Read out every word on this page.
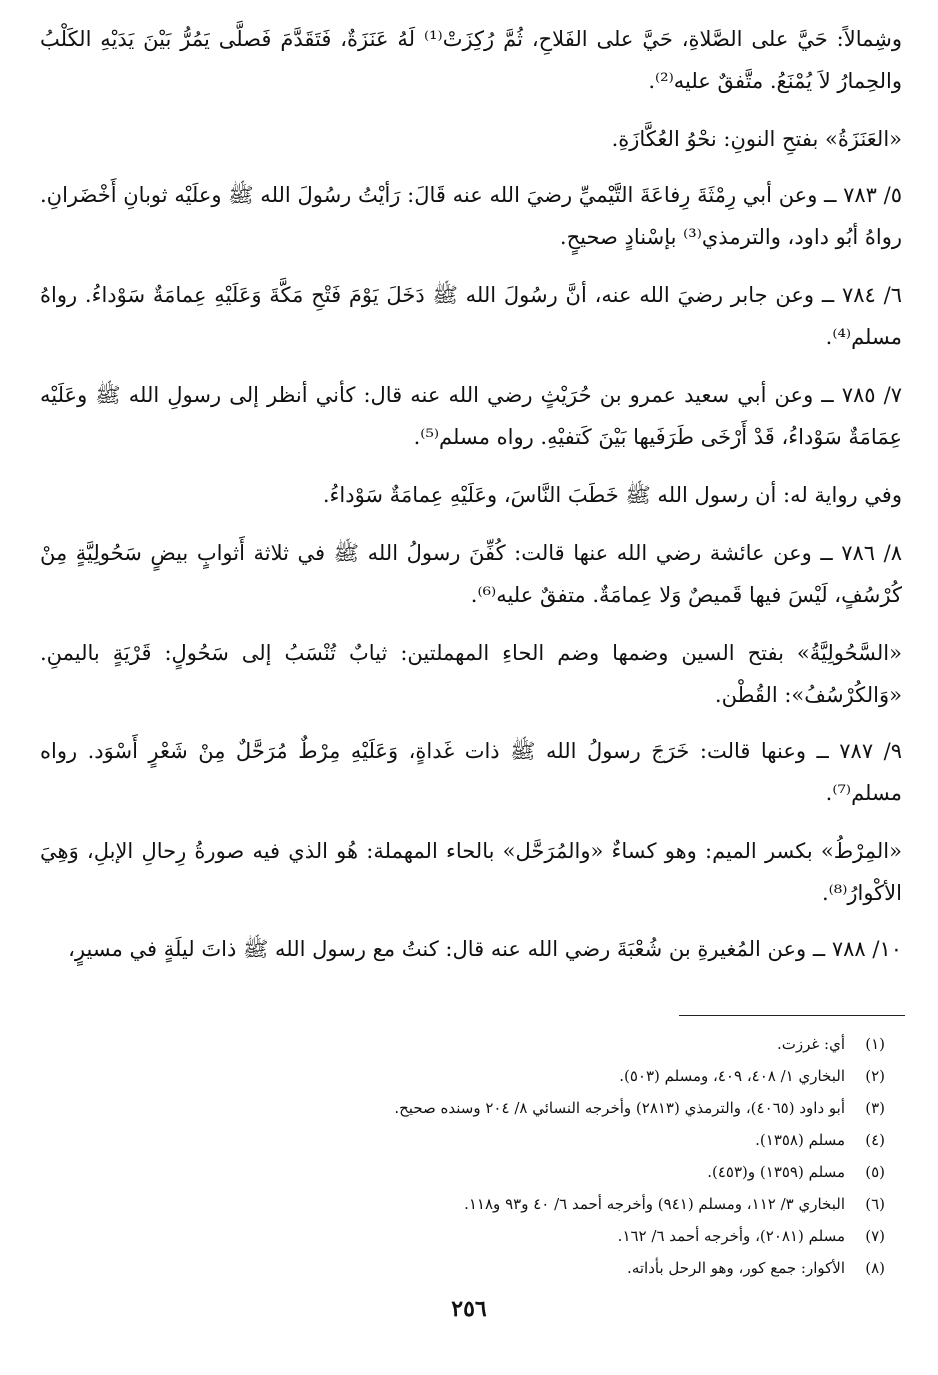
وشِمالاً: حَيَّ على الصَّلاةِ، حَيَّ على الفَلاحِ، ثُمَّ رُكِزَتْ⁽¹⁾ لَهُ عَنَزَةٌ، فَتَقَدَّمَ فَصلَّى يَمُرُّ بَيْنَ يَدَيْهِ الكَلْبُ والحِمارُ لاَ يُمْنَعُ. متَّفقٌ عليه⁽²⁾.

«العَنَزَةُ» بفتحِ النونِ: نحْوُ العُكَّازَةِ.

٥/ ٧٨٣ ــ وعن أبي رِمْثَةَ رِفاعَةَ التَّيْميِّ رضيَ الله عنه قَالَ: رَأيْتُ رسُولَ الله ﷺ وعلَيْه ثوبانِ أَخْضَرانِ. رواهُ أبُو داود، والترمذي⁽³⁾ بإسْنادٍ صحيحٍ.

٦/ ٧٨٤ ــ وعن جابر رضيَ الله عنه، أنَّ رسُولَ الله ﷺ دَخَلَ يَوْمَ فَتْحِ مَكَّةَ وَعَلَيْهِ عِمامَةٌ سَوْداءُ. رواهُ مسلم⁽⁴⁾.

٧/ ٧٨٥ ــ وعن أبي سعيد عمرو بن حُرَيْثٍ رضي الله عنه قال: كأني أنظر إلى رسولِ الله ﷺ وعَلَيْه عِمَامَةٌ سَوْداءُ، قَدْ أَرْخَى طَرَفَيها بَيْنَ كَتفيْهِ. رواه مسلم⁽⁵⁾.

وفي رواية له: أن رسول الله ﷺ خَطَبَ النَّاسَ، وعَلَيْهِ عِمامَةٌ سَوْداءُ.

٨/ ٧٨٦ ــ وعن عائشة رضي الله عنها قالت: كُفِّنَ رسولُ الله ﷺ في ثلاثة أَثوابٍ بيضٍ سَحُولِيَّةٍ مِنْ كُرْسُفٍ، لَيْسَ فيها قَميصٌ وَلا عِمامَةٌ. متفقٌ عليه⁽⁶⁾.

«السَّحُولِيَّةُ» بفتح السين وضمها وضم الحاءِ المهملتين: ثيابٌ تُنْسَبُ إلى سَحُولٍ: قَرْيَةٍ باليمنِ. «وَالكُرْسُفُ»: القُطْن.

٩/ ٧٨٧ ــ وعنها قالت: خَرَجَ رسولُ الله ﷺ ذات غَداةٍ، وَعَلَيْهِ مِرْطٌ مُرَحَّلٌ مِنْ شَعْرٍ أَسْوَد. رواه مسلم⁽⁷⁾.

«المِرْطُ» بكسر الميم: وهو كساءٌ «والمُرَحَّل» بالحاء المهملة: هُو الذي فيه صورةُ رِحالِ الإبلِ، وَهِيَ الأكْوارُ⁽⁸⁾.

١٠/ ٧٨٨ ــ وعن المُغيرةِ بن شُعْبَةَ رضي الله عنه قال: كنتُ مع رسول الله ﷺ ذاتَ ليلَةٍ في مسيرٍ،

(١)
أي: غرزت.
(٢)
البخاري ١/ ٤٠٨، ٤٠٩، ومسلم (٥٠٣).
(٣)
أبو داود (٤٠٦٥)، والترمذي (٢٨١٣) وأخرجه النسائي ٨/ ٢٠٤ وسنده صحيح.
(٤)
مسلم (١٣٥٨).
(٥)
مسلم (١٣٥٩) و(٤٥٣).
(٦)
البخاري ٣/ ١١٢، ومسلم (٩٤١) وأخرجه أحمد ٦/ ٤٠ و٩٣ و١١٨.
(٧)
مسلم (٢٠٨١)، وأخرجه أحمد ٦/ ١٦٢.
(٨)
الأكوار: جمع كور، وهو الرحل بأداته.
٢٥٦
